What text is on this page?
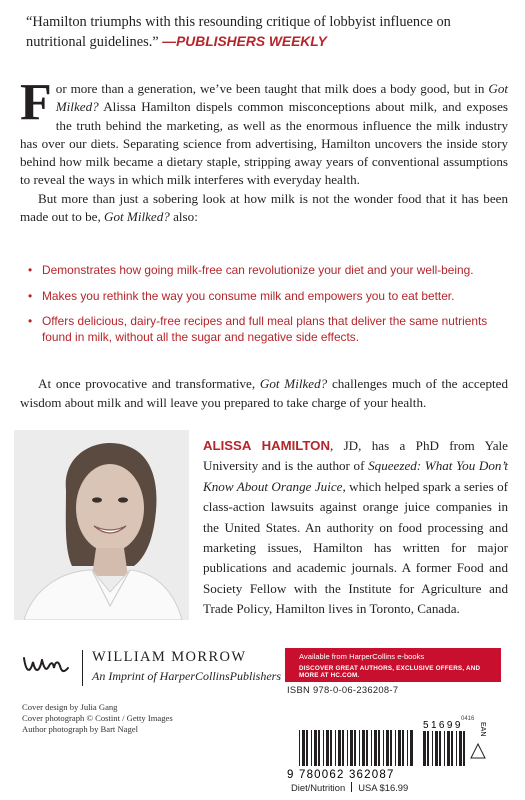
“Hamilton triumphs with this resounding critique of lobbyist influence on nutritional guidelines.” —PUBLISHERS WEEKLY

For more than a generation, we’ve been taught that milk does a body good, but in Got Milked? Alissa Hamilton dispels common misconceptions about milk, and exposes the truth behind the marketing, as well as the enormous influence the milk industry has over our diets. Separating science from advertising, Hamilton uncovers the inside story behind how milk became a dietary staple, stripping away years of conventional assumptions to reveal the ways in which milk interferes with everyday health.

But more than just a sobering look at how milk is not the wonder food that it has been made out to be, Got Milked? also:

• Demonstrates how going milk-free can revolutionize your diet and your well-being.
• Makes you rethink the way you consume milk and empowers you to eat better.
• Offers delicious, dairy-free recipes and full meal plans that deliver the same nutrients found in milk, without all the sugar and negative side effects.

At once provocative and transformative, Got Milked? challenges much of the accepted wisdom about milk and will leave you prepared to take charge of your health.

ALISSA HAMILTON, JD, has a PhD from Yale University and is the author of Squeezed: What You Don’t Know About Orange Juice, which helped spark a series of class-action lawsuits against orange juice companies in the United States. An authority on food processing and marketing issues, Hamilton has written for major publications and academic journals. A former Food and Society Fellow with the Institute for Agriculture and Trade Policy, Hamilton lives in Toronto, Canada.
WILLIAM MORROW
An Imprint of HarperCollinsPublishers
Cover design by Julia Gang
Cover photograph © Costint / Getty Images
Author photograph by Bart Nagel
Available from HarperCollins e-books
DISCOVER GREAT AUTHORS, EXCLUSIVE OFFERS, AND MORE AT HC.COM.
ISBN 978-0-06-236208-7
0416
51699
9 780062 362087
EAN
Diet/Nutrition USA $16.99
